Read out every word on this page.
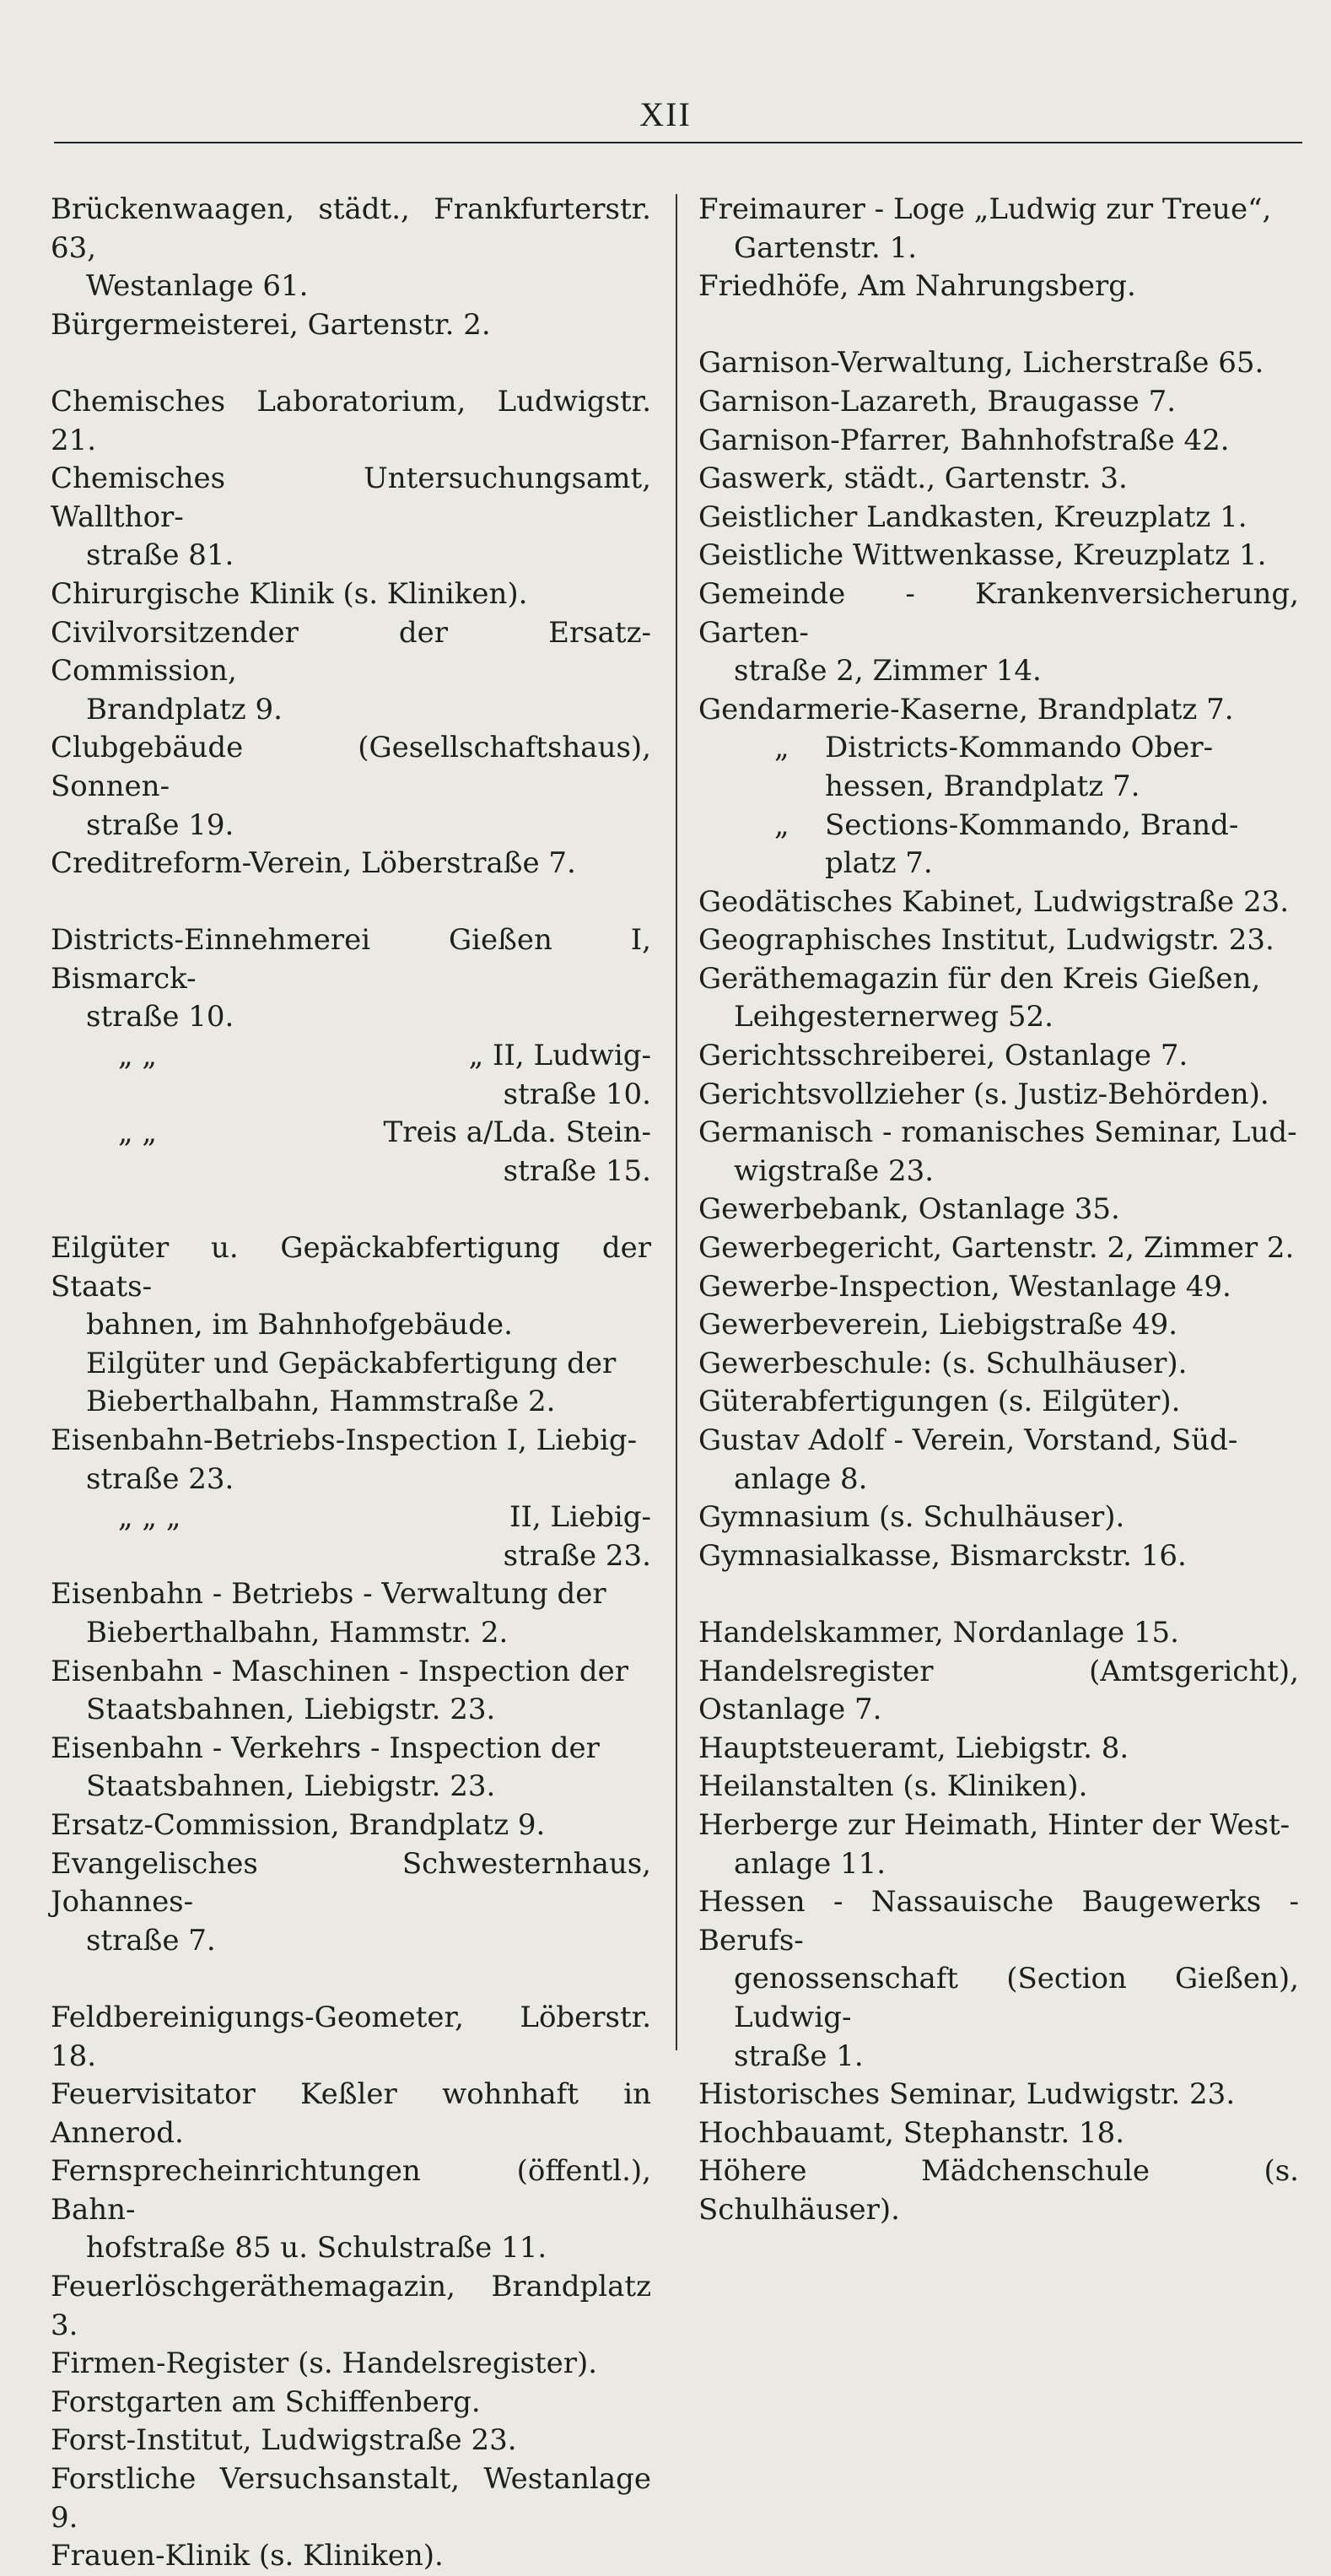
XII
Brückenwaagen, städt., Frankfurterstr. 63,
Westanlage 61.
Bürgermeisterei, Gartenstr. 2.
Chemisches Laboratorium, Ludwigstr. 21.
Chemisches Untersuchungsamt, Wallthor-
straße 81.
Chirurgische Klinik (s. Kliniken).
Civilvorsitzender der Ersatz-Commission,
Brandplatz 9.
Clubgebäude (Gesellschaftshaus), Sonnen-
straße 19.
Creditreform-Verein, Löberstraße 7.
Districts-Einnehmerei Gießen I, Bismarck-
straße 10.
„ „	„ II, Ludwig-
straße 10.
„ „	Treis a/Lda. Stein-
straße 15.
Eilgüter u. Gepäckabfertigung der Staats-
bahnen, im Bahnhofgebäude.
Eilgüter und Gepäckabfertigung der
Bieberthalbahn, Hammstraße 2.
Eisenbahn-Betriebs-Inspection I, Liebig-
straße 23.
„ „ „	II, Liebig-
straße 23.
Eisenbahn - Betriebs - Verwaltung der
Bieberthalbahn, Hammstr. 2.
Eisenbahn - Maschinen - Inspection der
Staatsbahnen, Liebigstr. 23.
Eisenbahn - Verkehrs - Inspection der
Staatsbahnen, Liebigstr. 23.
Ersatz-Commission, Brandplatz 9.
Evangelisches Schwesternhaus, Johannes-
straße 7.
Feldbereinigungs-Geometer, Löberstr. 18.
Feuervisitator Keßler wohnhaft in Annerod.
Fernsprecheinrichtungen (öffentl.), Bahn-
hofstraße 85 u. Schulstraße 11.
Feuerlöschgeräthemagazin, Brandplatz 3.
Firmen-Register (s. Handelsregister).
Forstgarten am Schiffenberg.
Forst-Institut, Ludwigstraße 23.
Forstliche Versuchsanstalt, Westanlage 9.
Frauen-Klinik (s. Kliniken).
Freimaurer - Loge „Ludwig zur Treue“,
Gartenstr. 1.
Friedhöfe, Am Nahrungsberg.
Garnison-Verwaltung, Licherstraße 65.
Garnison-Lazareth, Braugasse 7.
Garnison-Pfarrer, Bahnhofstraße 42.
Gaswerk, städt., Gartenstr. 3.
Geistlicher Landkasten, Kreuzplatz 1.
Geistliche Wittwenkasse, Kreuzplatz 1.
Gemeinde - Krankenversicherung, Garten-
straße 2, Zimmer 14.
Gendarmerie-Kaserne, Brandplatz 7.
„	Districts-Kommando Ober-
hessen, Brandplatz 7.
„	Sections-Kommando, Brand-
platz 7.
Geodätisches Kabinet, Ludwigstraße 23.
Geographisches Institut, Ludwigstr. 23.
Geräthemagazin für den Kreis Gießen,
Leihgesternerweg 52.
Gerichtsschreiberei, Ostanlage 7.
Gerichtsvollzieher (s. Justiz-Behörden).
Germanisch - romanisches Seminar, Lud-
wigstraße 23.
Gewerbebank, Ostanlage 35.
Gewerbegericht, Gartenstr. 2, Zimmer 2.
Gewerbe-Inspection, Westanlage 49.
Gewerbeverein, Liebigstraße 49.
Gewerbeschule: (s. Schulhäuser).
Güterabfertigungen (s. Eilgüter).
Gustav Adolf - Verein, Vorstand, Süd-
anlage 8.
Gymnasium (s. Schulhäuser).
Gymnasialkasse, Bismarckstr. 16.
Handelskammer, Nordanlage 15.
Handelsregister (Amtsgericht), Ostanlage 7.
Hauptsteueramt, Liebigstr. 8.
Heilanstalten (s. Kliniken).
Herberge zur Heimath, Hinter der West-
anlage 11.
Hessen - Nassauische Baugewerks - Berufs-
genossenschaft (Section Gießen), Ludwig-
straße 1.
Historisches Seminar, Ludwigstr. 23.
Hochbauamt, Stephanstr. 18.
Höhere Mädchenschule (s. Schulhäuser).
